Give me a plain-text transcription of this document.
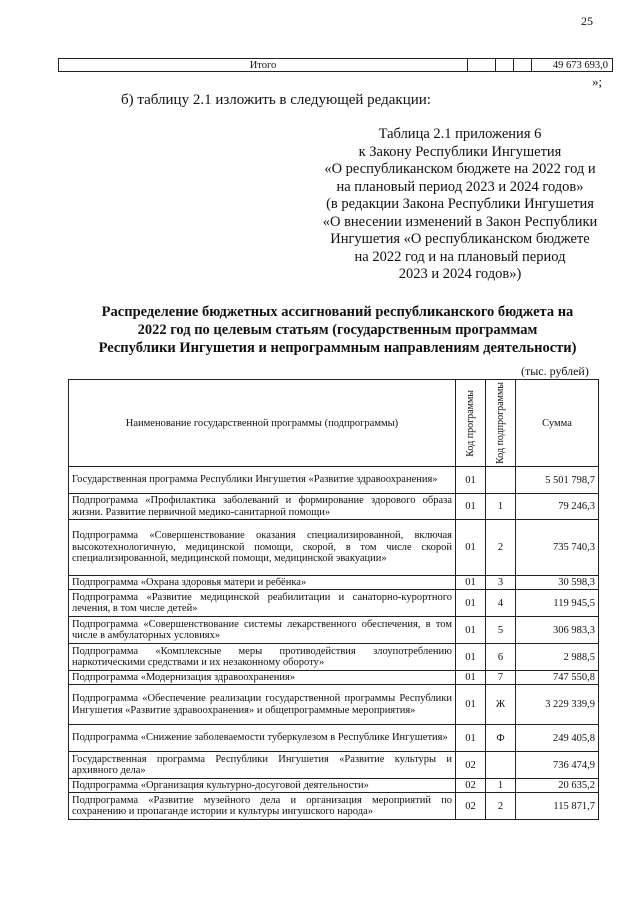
25
Итого	49 673 693,0
»;
б) таблицу 2.1 изложить в следующей редакции:
Таблица 2.1 приложения 6
к Закону Республики Ингушетия
«О республиканском бюджете на 2022 год и
на плановый период 2023 и 2024 годов»
(в редакции Закона Республики Ингушетия
«О внесении изменений в Закон Республики
Ингушетия «О республиканском бюджете
на 2022 год и на плановый период
2023 и 2024 годов»)
Распределение бюджетных ассигнований республиканского бюджета на
2022 год по целевым статьям (государственным программам
Республики Ингушетия и непрограммным направлениям деятельности)
(тыс. рублей)
Наименование государственной программы (подпрограммы)	Код программы	Код подпрограммы	Сумма
Государственная программа Республики Ингушетия «Развитие здравоохранения»	01		5 501 798,7
Подпрограмма «Профилактика заболеваний и формирование здорового образа жизни. Развитие первичной медико-санитарной помощи»	01	1	79 246,3
Подпрограмма «Совершенствование оказания специализированной, включая высокотехнологичную, медицинской помощи, скорой, в том числе скорой специализированной, медицинской помощи, медицинской эвакуации»	01	2	735 740,3
Подпрограмма «Охрана здоровья матери и ребёнка»	01	3	30 598,3
Подпрограмма «Развитие медицинской реабилитации и санаторно-курортного лечения, в том числе детей»	01	4	119 945,5
Подпрограмма «Совершенствование системы лекарственного обеспечения, в том числе в амбулаторных условиях»	01	5	306 983,3
Подпрограмма «Комплексные меры противодействия злоупотреблению наркотическими средствами и их незаконному обороту»	01	6	2 988,5
Подпрограмма «Модернизация здравоохранения»	01	7	747 550,8
Подпрограмма «Обеспечение реализации государственной программы Республики Ингушетия «Развитие здравоохранения» и общепрограммные мероприятия»	01	Ж	3 229 339,9
Подпрограмма «Снижение заболеваемости туберкулезом в Республике Ингушетия»	01	Ф	249 405,8
Государственная программа Республики Ингушетия «Развитие культуры и архивного дела»	02		736 474,9
Подпрограмма «Организация культурно-досуговой деятельности»	02	1	20 635,2
Подпрограмма «Развитие музейного дела и организация мероприятий по сохранению и пропаганде истории и культуры ингушского народа»	02	2	115 871,7
